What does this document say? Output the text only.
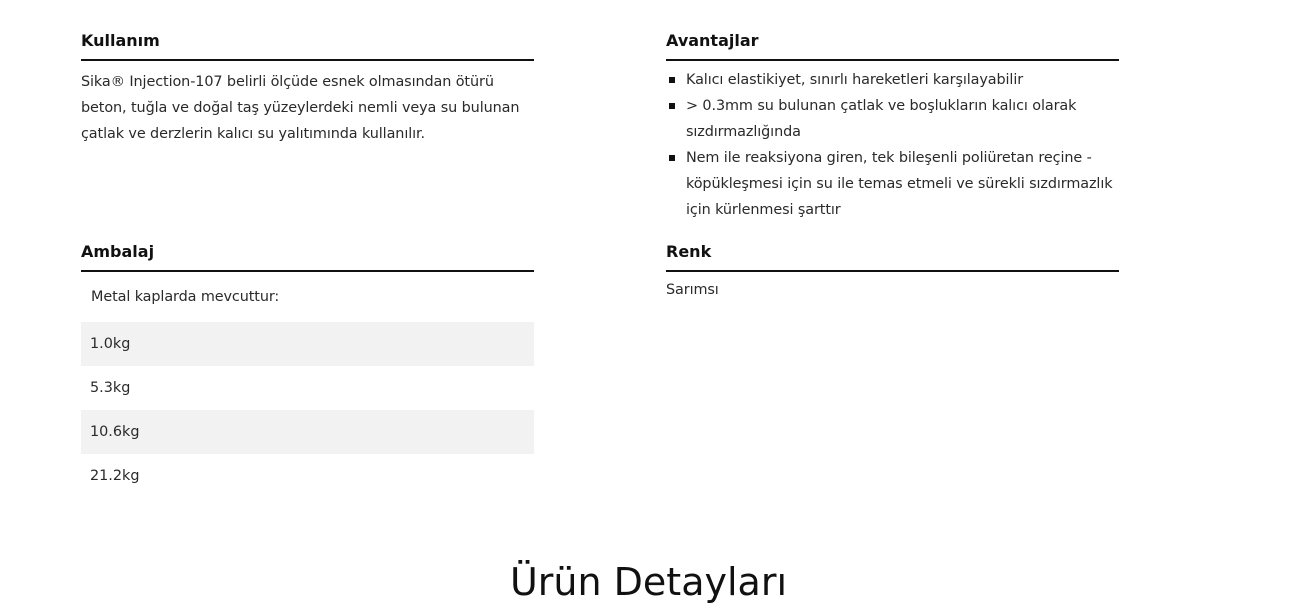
Kullanım

Sika® Injection-107 belirli ölçüde esnek olmasından ötürü beton, tuğla ve doğal taş yüzeylerdeki nemli veya su bulunan çatlak ve derzlerin kalıcı su yalıtımında kullanılır.

Avantajlar
Kalıcı elastikiyet, sınırlı hareketleri karşılayabilir
> 0.3mm su bulunan çatlak ve boşlukların kalıcı olarak sızdırmazlığında
Nem ile reaksiyona giren, tek bileşenli poliüretan reçine - köpükleşmesi için su ile temas etmeli ve sürekli sızdırmazlık için kürlenmesi şarttır
Ambalaj
Metal kaplarda mevcuttur:
1.0kg
5.3kg
10.6kg
21.2kg
Renk

Sarımsı

Ürün Detayları
